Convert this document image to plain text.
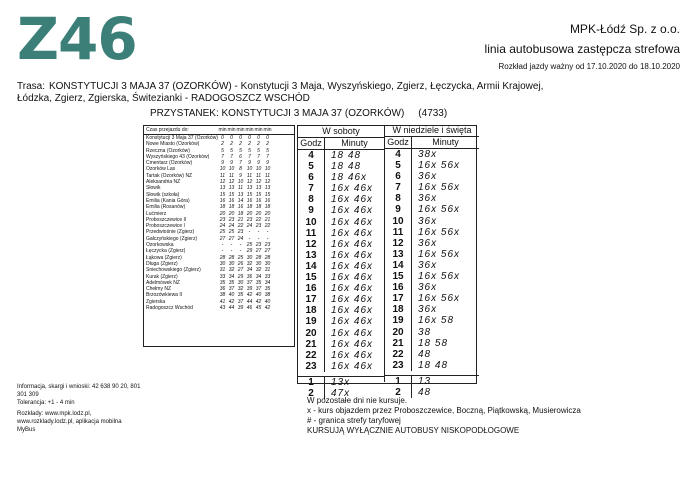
Z46	MPK-Łódź Sp. z o.o.
linia autobusowa zastępcza strefowa
Rozkład jazdy ważny od 17.10.2020 do 18.10.2020
Trasa: KONSTYTUCJI 3 MAJA 37 (OZORKÓW) - Konstytucji 3 Maja, Wyszyńskiego, Zgierz, Łęczycka, Armii Krajowej, Łódzka, Zgierz, Zgierska, Świtezianki - RADOGOSZCZ WSCHÓD
PRZYSTANEK: KONSTYTUCJI 3 MAJA 37 (OZORKÓW) (4733)
Czas przejazdu do:	min min min min min min
Konstytucji 3 Maja 37 (Ozorków) 0	0	0	0	0	0
Nowe Miasto (Ozorków)	2	2	2	2	2	2
Rzeczna (Ozorków)	5	5	5	5	5	5
Wyszyńskiego 43 (Ozorków)	7	7	6	7	7	7
Cmentarz (Ozorków)	9	9	7	9	9	9
Ozorków Las	10 10 8 10 10 10
Tartak (Ozorków) NŻ	11 11	9	11 11 11
Aleksandria NŻ	12 12 10 12 12 12
Słowik	13 13 11 13 13 13
Słowik (szkoła)	15 15 13 15 15 15
Emilia (Kania Góra)	16 16 14 16 16 16
Emilia (Rosanów)	18 18 16 18 18 18
Lućmierz	20 20 18 20 20 20
Proboszczewice II	23 23 21 23 22 21
Proboszczewice I	24 24 22 24 23 22
Przedwiośnie (Zgierz)	25 25 23	-	-	-
Gałczyńskiego (Zgierz)	27 27 24	-	-	-
Ozorkowska	-	-	-	25 23 23
Łęczycka (Zgierz)	-	-	-	29 27 27
Łąkowa (Zgierz)	28 28 25 30 28 28
Długa (Zgierz)	30 30 26 32 30 30
Śniechowskiego (Zgierz)	31 32 27 34 32 31
Kurak (Zgierz)	33 34 29 36 34 33
Adelmówek NŻ	35 35 30 37 35 34
Chełmy NŻ	36 37 32 39 37 35
Brzozówkiewa II	38 40 35 42 40 38
Zgierska	41 42 37 44 42 40
Radogoszcz Wschód	43 44 39 46 45 42
W soboty
Godz	Minuty
4	18 48
5	18 48
6	18 46x
7	16x 46x
8	16x 46x
9	16x 46x
10	16x 46x
11	16x 46x
12	16x 46x
13	16x 46x
14	16x 46x
15	16x 46x
16	16x 46x
17	16x 46x
18	16x 46x
19	16x 46x
20	16x 46x
21	16x 46x
22	16x 46x
23	16x 46x
1	13x
2	47x
W niedziele i święta
Godz	Minuty
4	38x
5	16x 56x
6	36x
7	16x 56x
8	36x
9	16x 56x
10	36x
11	16x 56x
12	36x
13	16x 56x
14	36x
15	16x 56x
16	36x
17	16x 56x
18	36x
19	16x 58
20	38
21	18 58
22	48
23	18 48
1	13
2	48
Informacja, skargi i wnioski: 42 638 90 20, 801
301 309
Tolerancja: +1 - 4 min
Rozkłady: www.mpk.lodz.pl,
www.rozklady.lodz.pl, aplikacja mobilna
MyBus
W pozostałe dni nie kursuje.
x - kurs objazdem przez Proboszczewice, Boczną, Piątkowską, Musierowicza
# - granica strefy taryfowej
KURSUJĄ WYŁĄCZNIE AUTOBUSY NISKOPODŁOGOWE
